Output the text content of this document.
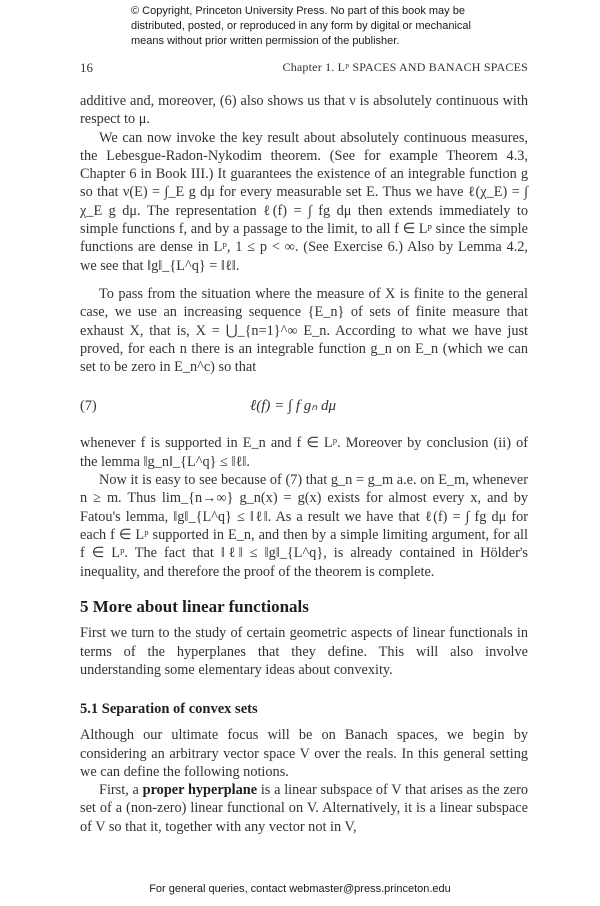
© Copyright, Princeton University Press. No part of this book may be
distributed, posted, or reproduced in any form by digital or mechanical
means without prior written permission of the publisher.
16	Chapter 1. Lᵖ SPACES AND BANACH SPACES

additive and, moreover, (6) also shows us that ν is absolutely continuous with respect to μ.

We can now invoke the key result about absolutely continuous measures, the Lebesgue-Radon-Nykodim theorem. (See for example Theorem 4.3, Chapter 6 in Book III.) It guarantees the existence of an integrable function g so that ν(E) = ∫_E g dμ for every measurable set E. Thus we have ℓ(χ_E) = ∫ χ_E g dμ. The representation ℓ(f) = ∫ fg dμ then extends immediately to simple functions f, and by a passage to the limit, to all f ∈ Lᵖ since the simple functions are dense in Lᵖ, 1 ≤ p < ∞. (See Exercise 6.) Also by Lemma 4.2, we see that ‖g‖_{L^q} = ‖ℓ‖.

To pass from the situation where the measure of X is finite to the general case, we use an increasing sequence {E_n} of sets of finite measure that exhaust X, that is, X = ⋃_{n=1}^∞ E_n. According to what we have just proved, for each n there is an integrable function g_n on E_n (which we can set to be zero in E_n^c) so that

(7)	ℓ(f) = ∫ f gₙ dμ

whenever f is supported in E_n and f ∈ Lᵖ. Moreover by conclusion (ii) of the lemma ‖g_n‖_{L^q} ≤ ‖ℓ‖.

Now it is easy to see because of (7) that g_n = g_m a.e. on E_m, whenever n ≥ m. Thus lim_{n→∞} g_n(x) = g(x) exists for almost every x, and by Fatou's lemma, ‖g‖_{L^q} ≤ ‖ℓ‖. As a result we have that ℓ(f) = ∫ fg dμ for each f ∈ Lᵖ supported in E_n, and then by a simple limiting argument, for all f ∈ Lᵖ. The fact that ‖ℓ‖ ≤ ‖g‖_{L^q}, is already contained in Hölder's inequality, and therefore the proof of the theorem is complete.

5 More about linear functionals

First we turn to the study of certain geometric aspects of linear functionals in terms of the hyperplanes that they define. This will also involve understanding some elementary ideas about convexity.

5.1 Separation of convex sets

Although our ultimate focus will be on Banach spaces, we begin by considering an arbitrary vector space V over the reals. In this general setting we can define the following notions.

First, a proper hyperplane is a linear subspace of V that arises as the zero set of a (non-zero) linear functional on V. Alternatively, it is a linear subspace of V so that it, together with any vector not in V,

For general queries, contact webmaster@press.princeton.edu
